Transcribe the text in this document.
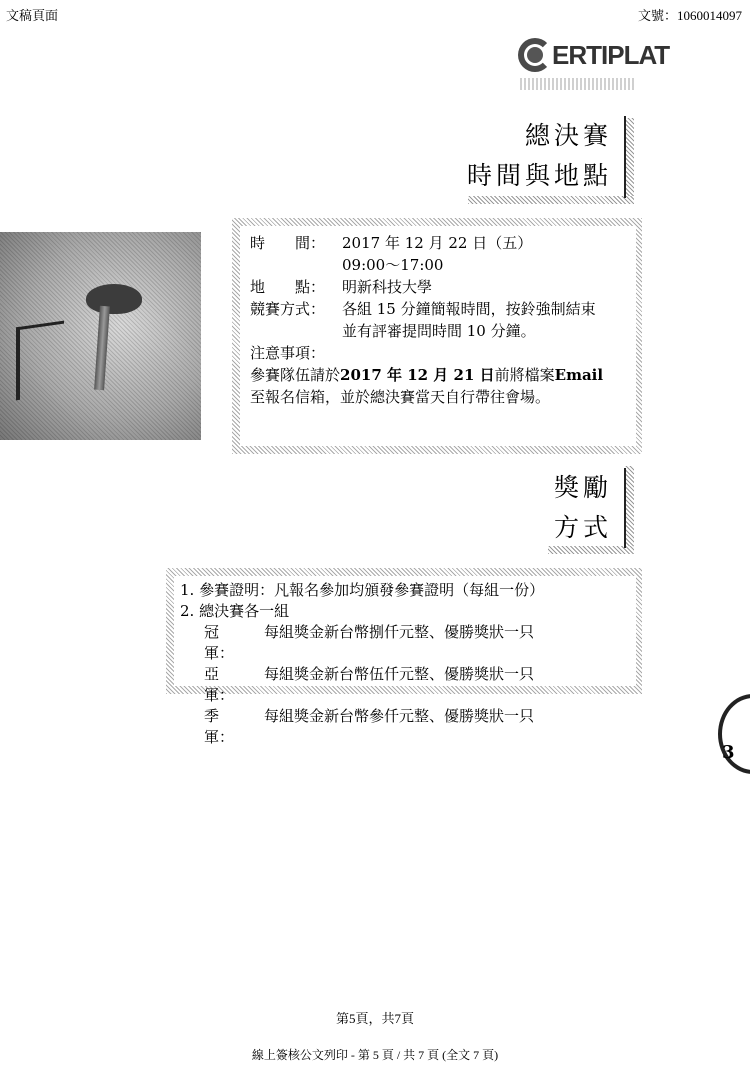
文稿頁面	文號：1060014097
ERTIPLAT
總決賽
時間與地點
時　　間：	2017 年 12 月 22 日（五）
09:00～17:00
地　　點：	明新科技大學
競賽方式：	各組 15 分鐘簡報時間，按鈴強制結束
並有評審提問時間 10 分鐘。
注意事項：
參賽隊伍請於 2017 年 12 月 21 日 前將檔案 Email
至報名信箱，並於總決賽當天自行帶往會場。
獎勵
方式
1. 參賽證明：凡報名參加均頒發參賽證明（每組一份）
2. 總決賽各一組
冠　　軍：
每組獎金新台幣捌仟元整、優勝獎狀一只
亞　　軍：
每組獎金新台幣伍仟元整、優勝獎狀一只
季　　軍：
每組獎金新台幣參仟元整、優勝獎狀一只
3
第5頁，共7頁
線上簽核公文列印 - 第 5 頁 / 共 7 頁 (全文 7 頁)
